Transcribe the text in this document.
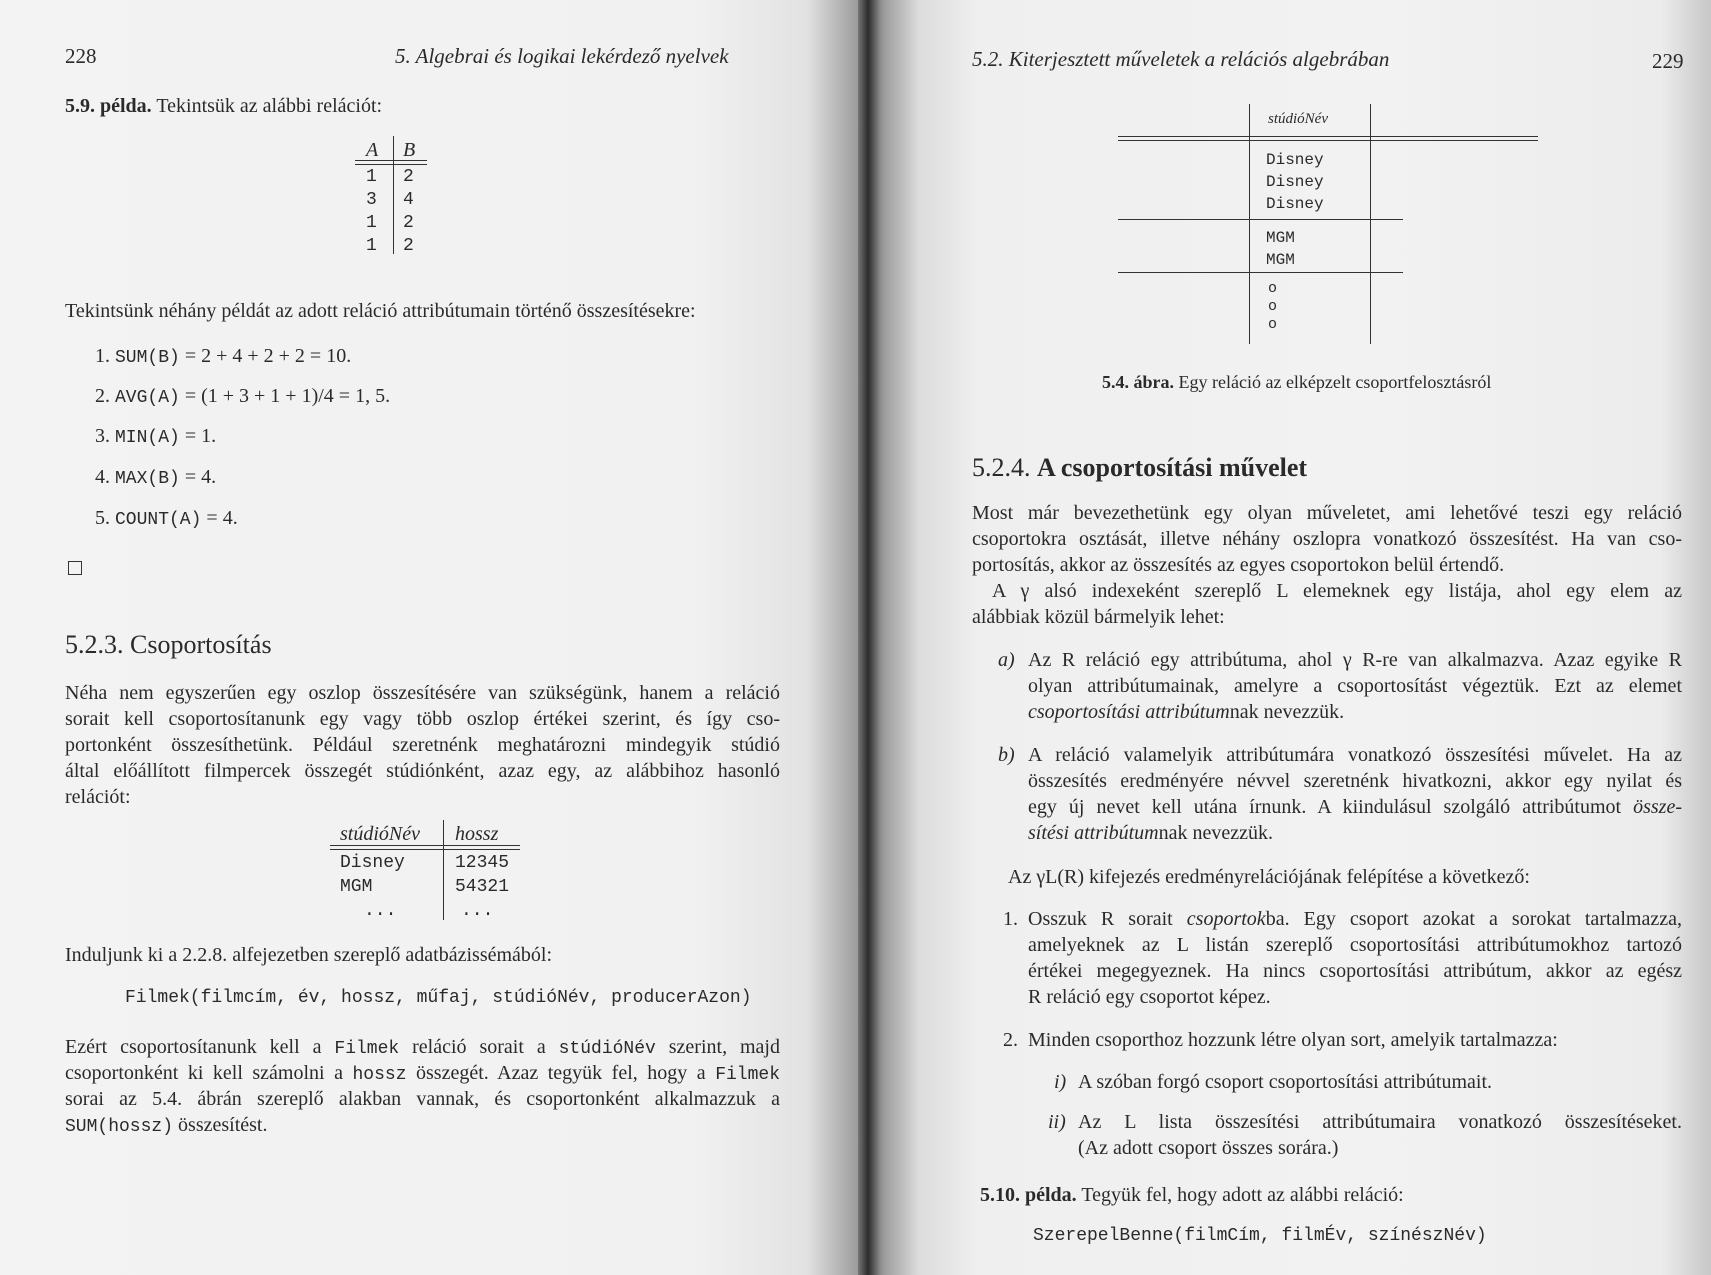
228	5. Algebrai és logikai lekérdező nyelvek
5.9. példa. Tekintsük az alábbi relációt:
A B
1
3
1
1
2
4
2
2
Tekintsünk néhány példát az adott reláció attribútumain történő összesítésekre:
1. SUM(B) = 2 + 4 + 2 + 2 = 10.
2. AVG(A) = (1 + 3 + 1 + 1)/4 = 1, 5.
3. MIN(A) = 1.
4. MAX(B) = 4.
5. COUNT(A) = 4.
5.2.3. Csoportosítás
Néha nem egyszerűen egy oszlop összesítésére van szükségünk, hanem a reláció
sorait kell csoportosítanunk egy vagy több oszlop értékei szerint, és így cso-
portonként összesíthetünk. Például szeretnénk meghatározni mindegyik stúdió
által előállított filmpercek összegét stúdiónként, azaz egy, az alábbihoz hasonló
relációt:
stúdióNév hossz
Disney
MGM
...
12345
54321
...
Induljunk ki a 2.2.8. alfejezetben szereplő adatbázissémából:
Filmek(filmcím, év, hossz, műfaj, stúdióNév, producerAzon)
Ezért csoportosítanunk kell a Filmek reláció sorait a stúdióNév szerint, majd
csoportonként ki kell számolni a hossz összegét. Azaz tegyük fel, hogy a Filmek
sorai az 5.4. ábrán szereplő alakban vannak, és csoportonként alkalmazzuk a
SUM(hossz) összesítést.
5.2. Kiterjesztett műveletek a relációs algebrában	229
stúdióNév
Disney
Disney
Disney
MGM
MGM
o
o
o
5.4. ábra. Egy reláció az elképzelt csoportfelosztásról
5.2.4. A csoportosítási művelet
Most már bevezethetünk egy olyan műveletet, ami lehetővé teszi egy reláció
csoportokra osztását, illetve néhány oszlopra vonatkozó összesítést. Ha van cso-
portosítás, akkor az összesítés az egyes csoportokon belül értendő.
A γ alsó indexeként szereplő L elemeknek egy listája, ahol egy elem az
alábbiak közül bármelyik lehet:
a) Az R reláció egy attribútuma, ahol γ R-re van alkalmazva. Azaz egyike R
olyan attribútumainak, amelyre a csoportosítást végeztük. Ezt az elemet
csoportosítási attribútumnak nevezzük.
b) A reláció valamelyik attribútumára vonatkozó összesítési művelet. Ha az
összesítés eredményére névvel szeretnénk hivatkozni, akkor egy nyilat és
egy új nevet kell utána írnunk. A kiindulásul szolgáló attribútumot össze-
sítési attribútumnak nevezzük.
Az γL(R) kifejezés eredményrelációjának felépítése a következő:
1. Osszuk R sorait csoportokba. Egy csoport azokat a sorokat tartalmazza,
amelyeknek az L listán szereplő csoportosítási attribútumokhoz tartozó
értékei megegyeznek. Ha nincs csoportosítási attribútum, akkor az egész
R reláció egy csoportot képez.
2. Minden csoporthoz hozzunk létre olyan sort, amelyik tartalmazza:
i) A szóban forgó csoport csoportosítási attribútumait.
ii) Az L lista összesítési attribútumaira vonatkozó összesítéseket.
(Az adott csoport összes sorára.)
5.10. példa. Tegyük fel, hogy adott az alábbi reláció:
SzerepelBenne(filmCím, filmÉv, színészNév)
